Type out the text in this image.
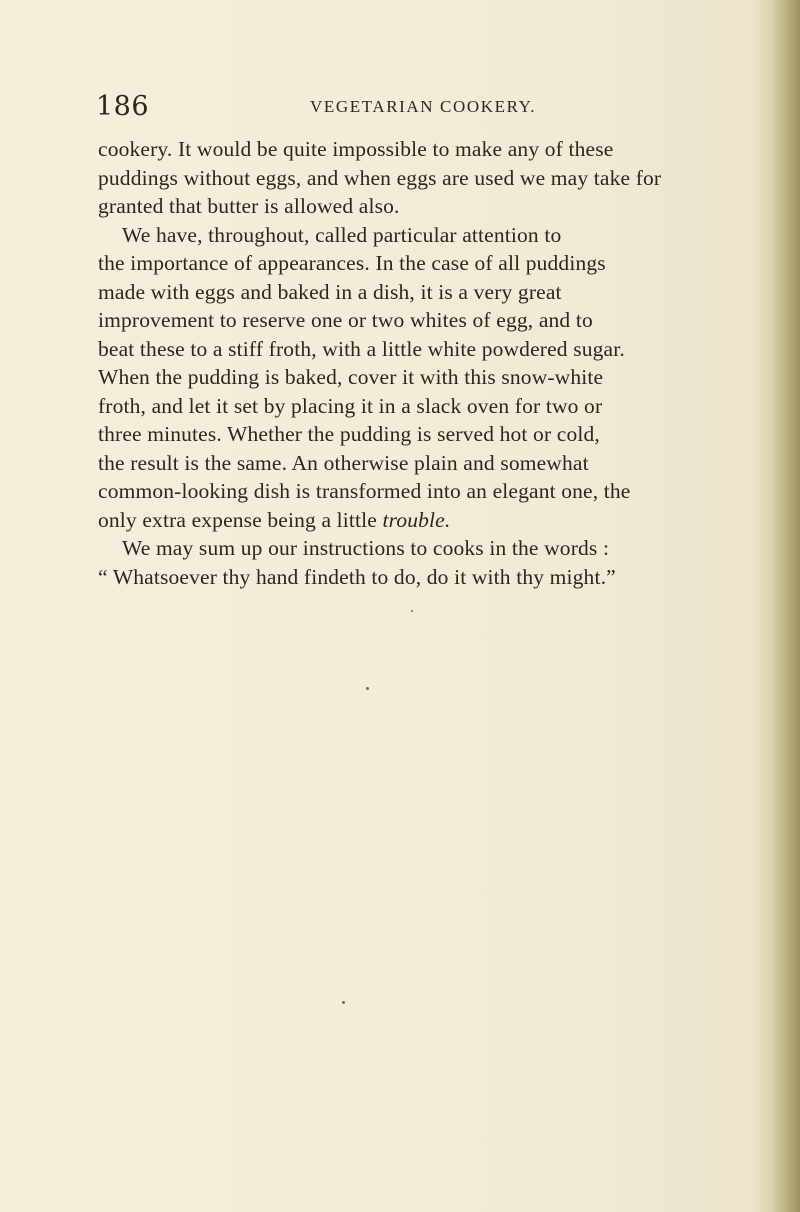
186	VEGETARIAN COOKERY.

cookery. It would be quite impossible to make any of these
puddings without eggs, and when eggs are used we may take for
granted that butter is allowed also.

We have, throughout, called particular attention to
the importance of appearances. In the case of all puddings
made with eggs and baked in a dish, it is a very great
improvement to reserve one or two whites of egg, and to
beat these to a stiff froth, with a little white powdered sugar.
When the pudding is baked, cover it with this snow-white
froth, and let it set by placing it in a slack oven for two or
three minutes. Whether the pudding is served hot or cold,
the result is the same. An otherwise plain and somewhat
common-looking dish is transformed into an elegant one, the
only extra expense being a little trouble.

We may sum up our instructions to cooks in the words :
“ Whatsoever thy hand findeth to do, do it with thy might.”
